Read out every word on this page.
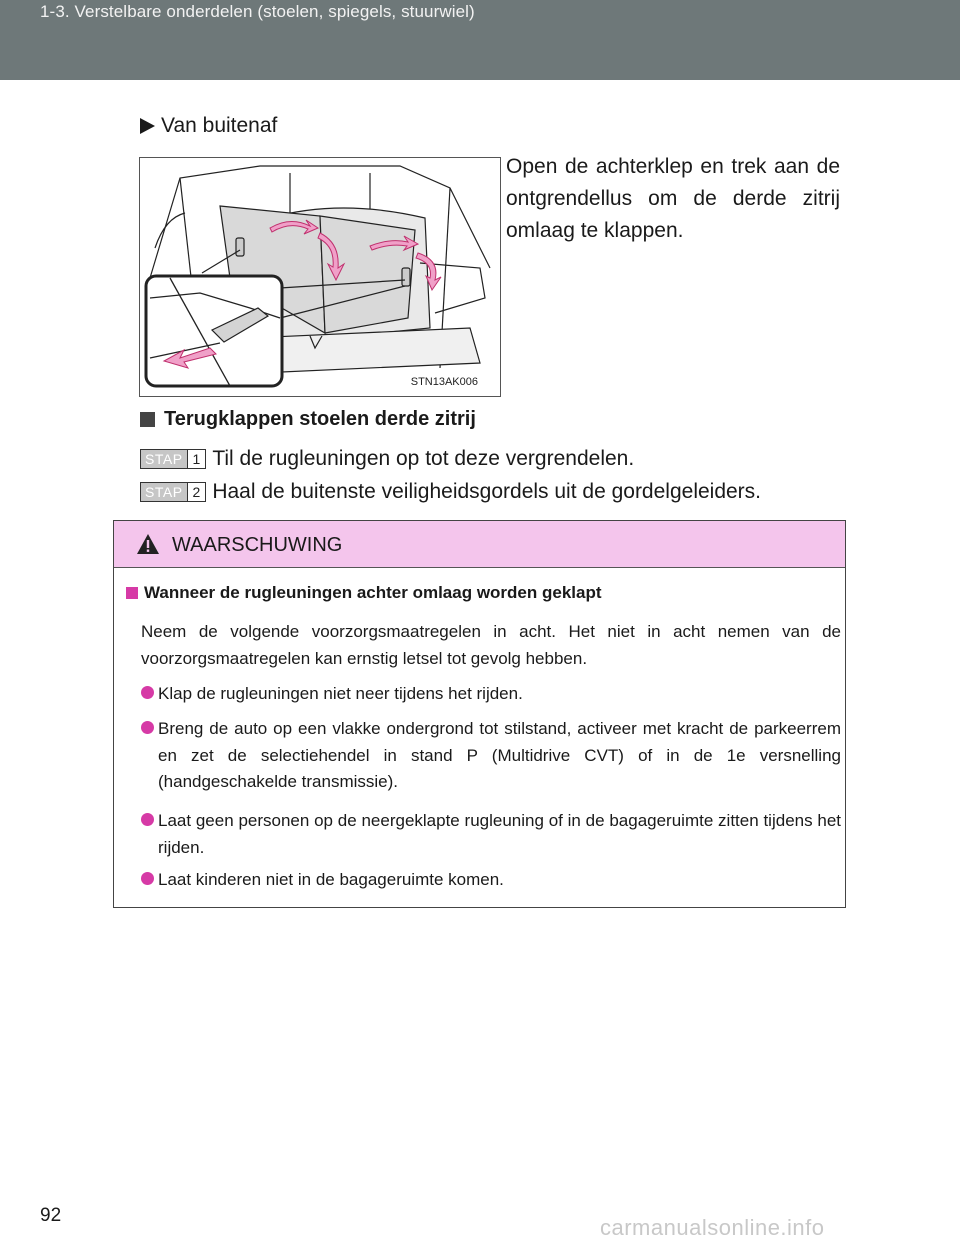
1-3. Verstelbare onderdelen (stoelen, spiegels, stuurwiel)
Van buitenaf
STN13AK006
Open de achterklep en trek aan de ontgrendellus om de derde zitrij omlaag te klappen.
Terugklappen stoelen derde zitrij
STAP 1 Til de rugleuningen op tot deze vergrendelen.
STAP 2 Haal de buitenste veiligheidsgordels uit de gordelgeleiders.
WAARSCHUWING
Wanneer de rugleuningen achter omlaag worden geklapt
Neem de volgende voorzorgsmaatregelen in acht. Het niet in acht nemen van de voorzorgsmaatregelen kan ernstig letsel tot gevolg hebben.
Klap de rugleuningen niet neer tijdens het rijden.
Breng de auto op een vlakke ondergrond tot stilstand, activeer met kracht de parkeerrem en zet de selectiehendel in stand P (Multidrive CVT) of in de 1e versnelling (handgeschakelde transmissie).
Laat geen personen op de neergeklapte rugleuning of in de bagageruimte zitten tijdens het rijden.
Laat kinderen niet in de bagageruimte komen.
92	carmanualsonline.info
